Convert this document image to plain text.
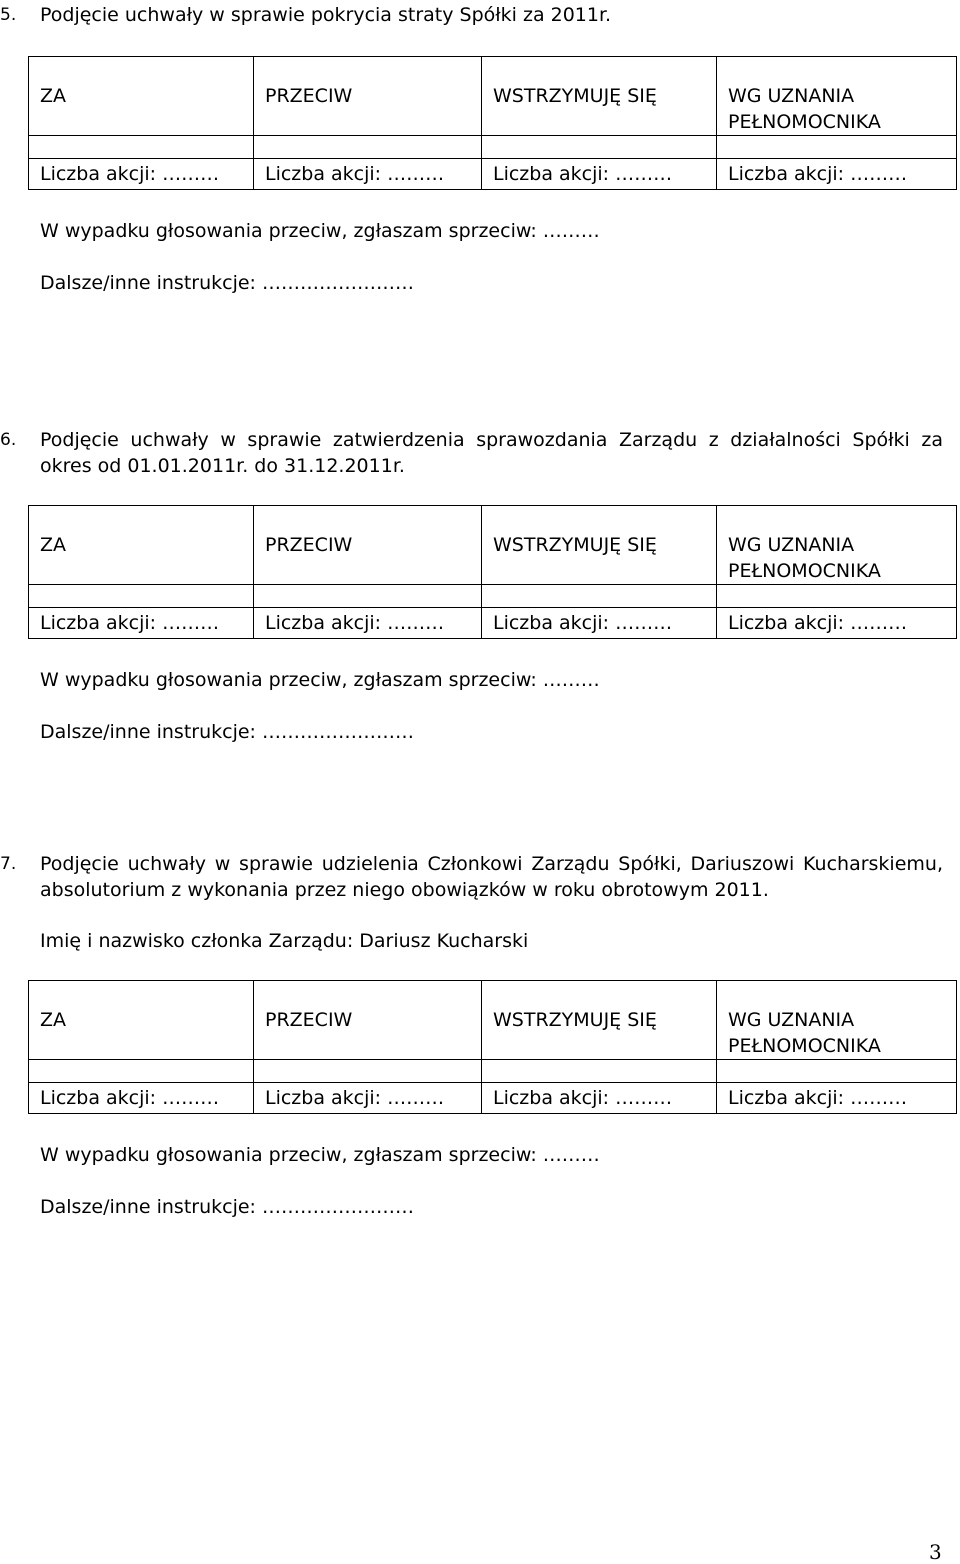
5. Podjęcie uchwały w sprawie pokrycia straty Spółki za 2011r.
ZA	PRZECIW	WSTRZYMUJĘ SIĘ	WG UZNANIA PEŁNOMOCNIKA

Liczba akcji: ………	Liczba akcji: ………	Liczba akcji: ………	Liczba akcji: ………
W wypadku głosowania przeciw, zgłaszam sprzeciw: ………
Dalsze/inne instrukcje: ……………………
6. Podjęcie uchwały w sprawie zatwierdzenia sprawozdania Zarządu z działalności Spółki za okres od 01.01.2011r. do 31.12.2011r.
ZA	PRZECIW	WSTRZYMUJĘ SIĘ	WG UZNANIA PEŁNOMOCNIKA

Liczba akcji: ………	Liczba akcji: ………	Liczba akcji: ………	Liczba akcji: ………
W wypadku głosowania przeciw, zgłaszam sprzeciw: ………
Dalsze/inne instrukcje: ……………………
7. Podjęcie uchwały w sprawie udzielenia Członkowi Zarządu Spółki, Dariuszowi Kucharskiemu, absolutorium z wykonania przez niego obowiązków w roku obrotowym 2011.
Imię i nazwisko członka Zarządu: Dariusz Kucharski
ZA	PRZECIW	WSTRZYMUJĘ SIĘ	WG UZNANIA PEŁNOMOCNIKA

Liczba akcji: ………	Liczba akcji: ………	Liczba akcji: ………	Liczba akcji: ………
W wypadku głosowania przeciw, zgłaszam sprzeciw: ………
Dalsze/inne instrukcje: ……………………
3
